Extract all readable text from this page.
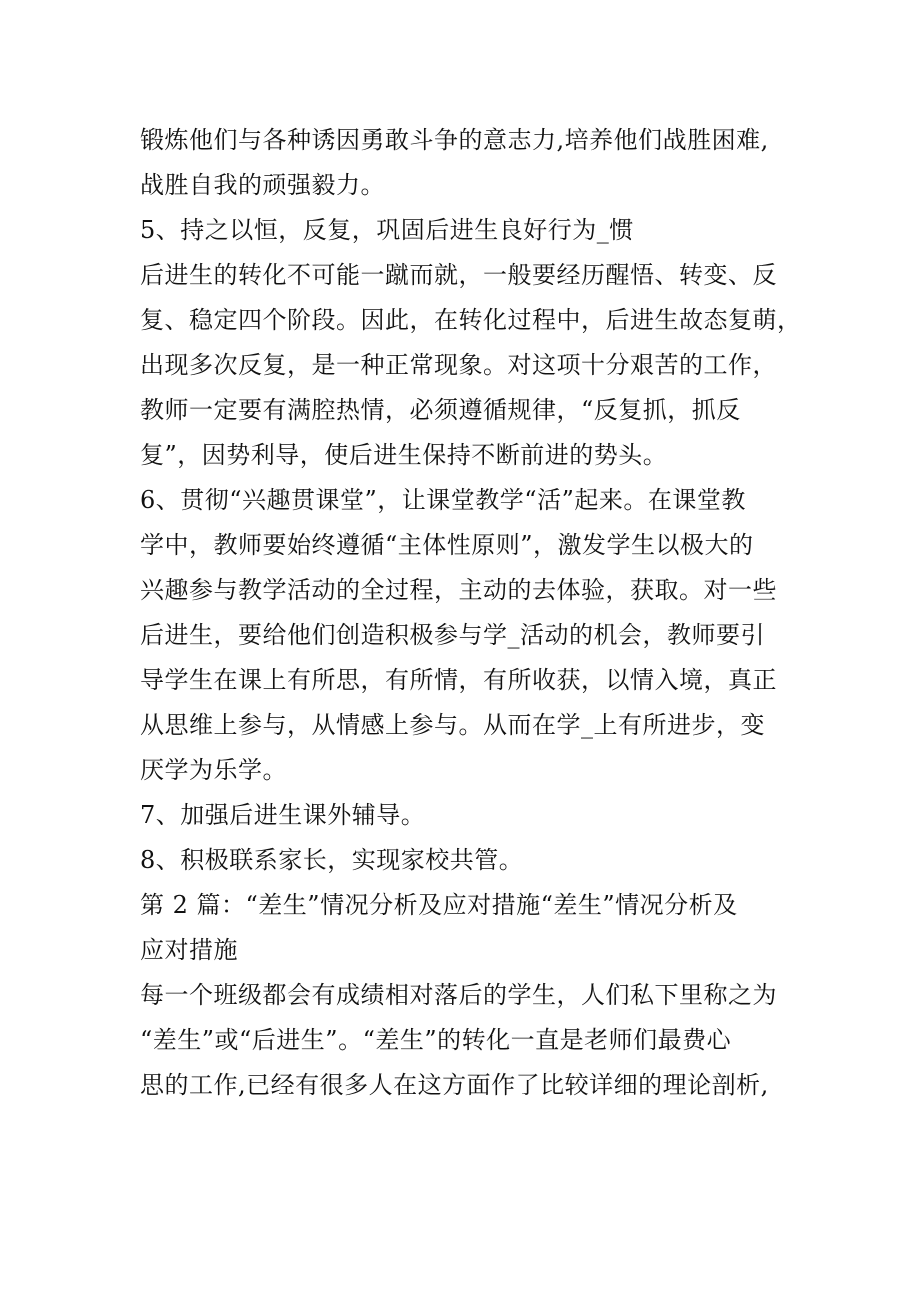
锻炼他们与各种诱因勇敢斗争的意志力,培养他们战胜困难,
战胜自我的顽强毅力。
5、持之以恒，反复，巩固后进生良好行为_惯
后进生的转化不可能一蹴而就，一般要经历醒悟、转变、反
复、稳定四个阶段。因此，在转化过程中，后进生故态复萌，
出现多次反复，是一种正常现象。对这项十分艰苦的工作，
教师一定要有满腔热情，必须遵循规律，“反复抓，抓反
复”，因势利导，使后进生保持不断前进的势头。
6、贯彻“兴趣贯课堂”，让课堂教学“活”起来。在课堂教
学中，教师要始终遵循“主体性原则”，激发学生以极大的
兴趣参与教学活动的全过程，主动的去体验，获取。对一些
后进生，要给他们创造积极参与学_活动的机会，教师要引
导学生在课上有所思，有所情，有所收获，以情入境，真正
从思维上参与，从情感上参与。从而在学_上有所进步，变
厌学为乐学。
7、加强后进生课外辅导。
8、积极联系家长，实现家校共管。
第 2 篇：“差生”情况分析及应对措施“差生”情况分析及
应对措施
每一个班级都会有成绩相对落后的学生，人们私下里称之为
“差生”或“后进生”。“差生”的转化一直是老师们最费心
思的工作,已经有很多人在这方面作了比较详细的理论剖析,
